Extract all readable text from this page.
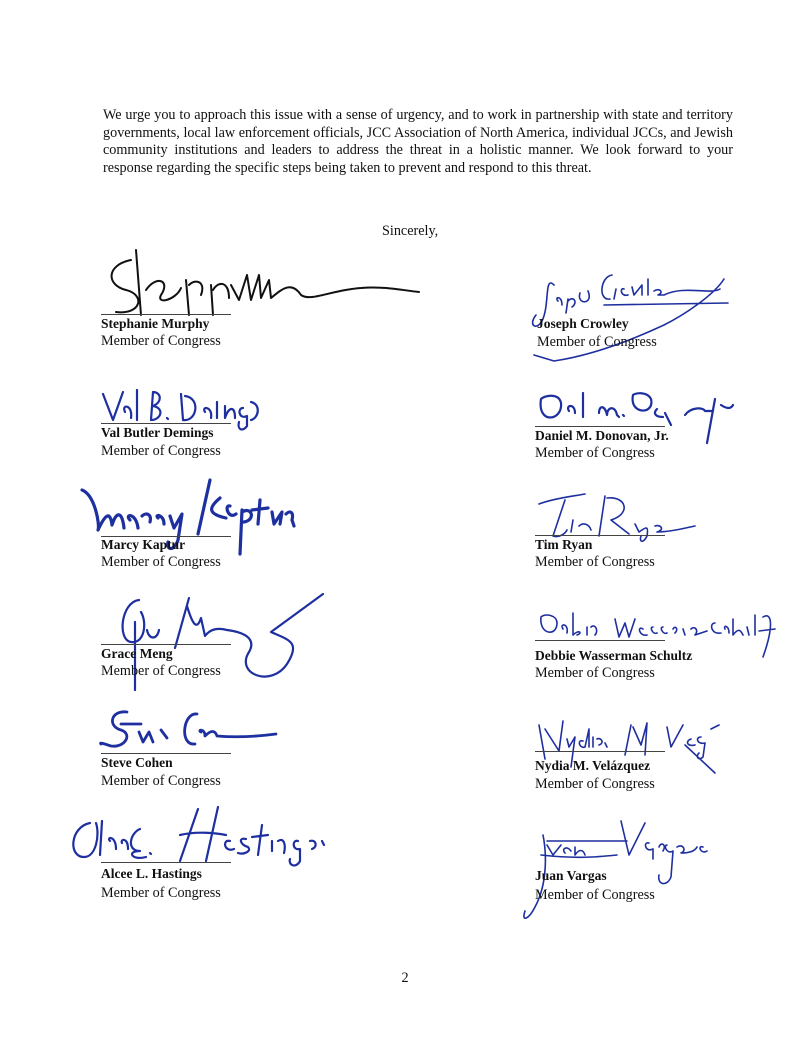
We urge you to approach this issue with a sense of urgency, and to work in partnership with state and territory governments, local law enforcement officials, JCC Association of North America, individual JCCs, and Jewish community institutions and leaders to address the threat in a holistic manner. We look forward to your response regarding the specific steps being taken to prevent and respond to this threat.

Sincerely,
Stephanie Murphy
Member of Congress
Val Butler Demings
Member of Congress
Marcy Kaptur
Member of Congress
Grace Meng
Member of Congress
Steve Cohen
Member of Congress
Alcee L. Hastings
Member of Congress
Joseph Crowley
Member of Congress
Daniel M. Donovan, Jr.
Member of Congress
Tim Ryan
Member of Congress
Debbie Wasserman Schultz
Member of Congress
Nydia M. Velázquez
Member of Congress
Juan Vargas
Member of Congress
2
